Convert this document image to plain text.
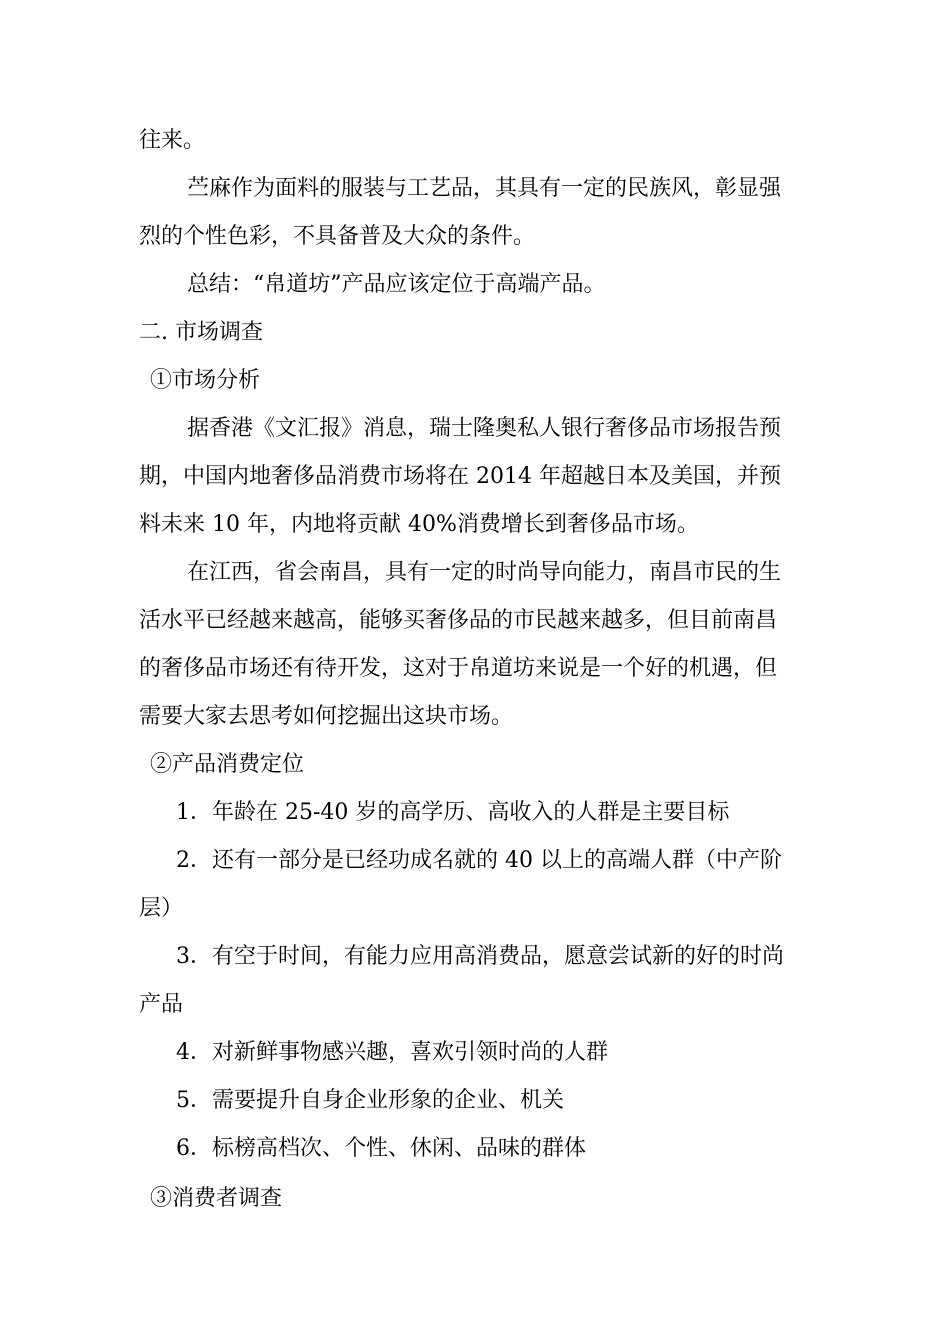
往来。
苎麻作为面料的服装与工艺品，其具有一定的民族风，彰显强
烈的个性色彩，不具备普及大众的条件。
总结：“帛道坊”产品应该定位于高端产品。
二. 市场调查
①市场分析
据香港《文汇报》消息，瑞士隆奥私人银行奢侈品市场报告预
期，中国内地奢侈品消费市场将在 2014 年超越日本及美国，并预
料未来 10 年，内地将贡献 40%消费增长到奢侈品市场。
在江西，省会南昌，具有一定的时尚导向能力，南昌市民的生
活水平已经越来越高，能够买奢侈品的市民越来越多，但目前南昌
的奢侈品市场还有待开发，这对于帛道坊来说是一个好的机遇，但
需要大家去思考如何挖掘出这块市场。
②产品消费定位
1．年龄在 25-40 岁的高学历、高收入的人群是主要目标
2．还有一部分是已经功成名就的 40 以上的高端人群（中产阶
层）
3．有空于时间，有能力应用高消费品，愿意尝试新的好的时尚
产品
4．对新鲜事物感兴趣，喜欢引领时尚的人群
5．需要提升自身企业形象的企业、机关
6．标榜高档次、个性、休闲、品味的群体
③消费者调查
